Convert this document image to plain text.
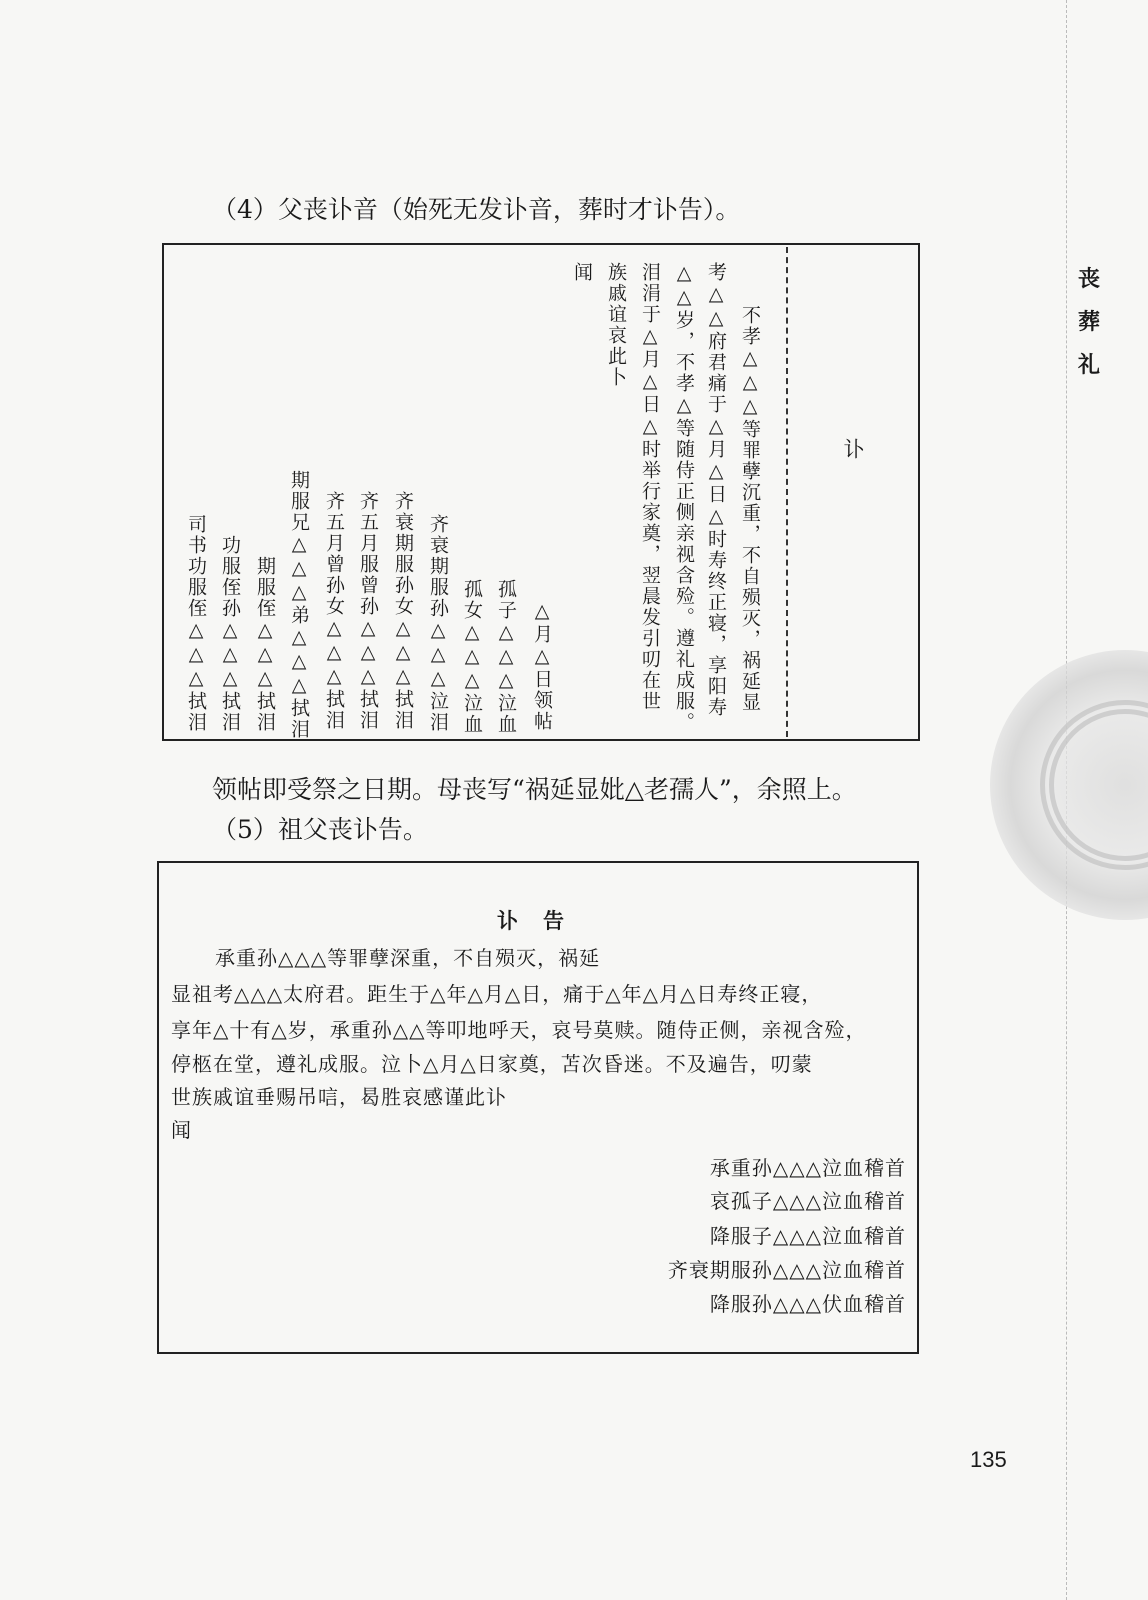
丧
葬
礼
（4）父丧讣音（始死无发讣音，葬时才讣告）。
讣
不孝△△△等罪孽沉重，不自殒灭，祸延显
考△△府君痛于△月△日△时寿终正寝，享阳寿
△△岁，不孝△等随侍正侧亲视含殓。遵礼成服。
泪涓于△月△日△时举行家奠，翌晨发引叨在世
族戚谊哀此卜
闻
△月△日领帖
孤子△△△泣血
孤女△△△泣血
齐衰期服孙△△△泣泪
齐衰期服孙女△△△拭泪
齐五月服曾孙△△△拭泪
齐五月曾孙女△△△拭泪
期服兄△△△弟△△△拭泪
期服侄△△△拭泪
功服侄孙△△△拭泪
司书功服侄△△△拭泪
领帖即受祭之日期。母丧写“祸延显妣△老孺人”，余照上。
（5）祖父丧讣告。
讣　告
承重孙△△△等罪孽深重，不自殒灭，祸延
显祖考△△△太府君。距生于△年△月△日，痛于△年△月△日寿终正寝，
享年△十有△岁，承重孙△△等叩地呼天，哀号莫赎。随侍正侧，亲视含殓，
停柩在堂，遵礼成服。泣卜△月△日家奠，苫次昏迷。不及遍告，叨蒙
世族戚谊垂赐吊唁，曷胜哀感谨此讣
闻
承重孙△△△泣血稽首
哀孤子△△△泣血稽首
降服子△△△泣血稽首
齐衰期服孙△△△泣血稽首
降服孙△△△伏血稽首
135
